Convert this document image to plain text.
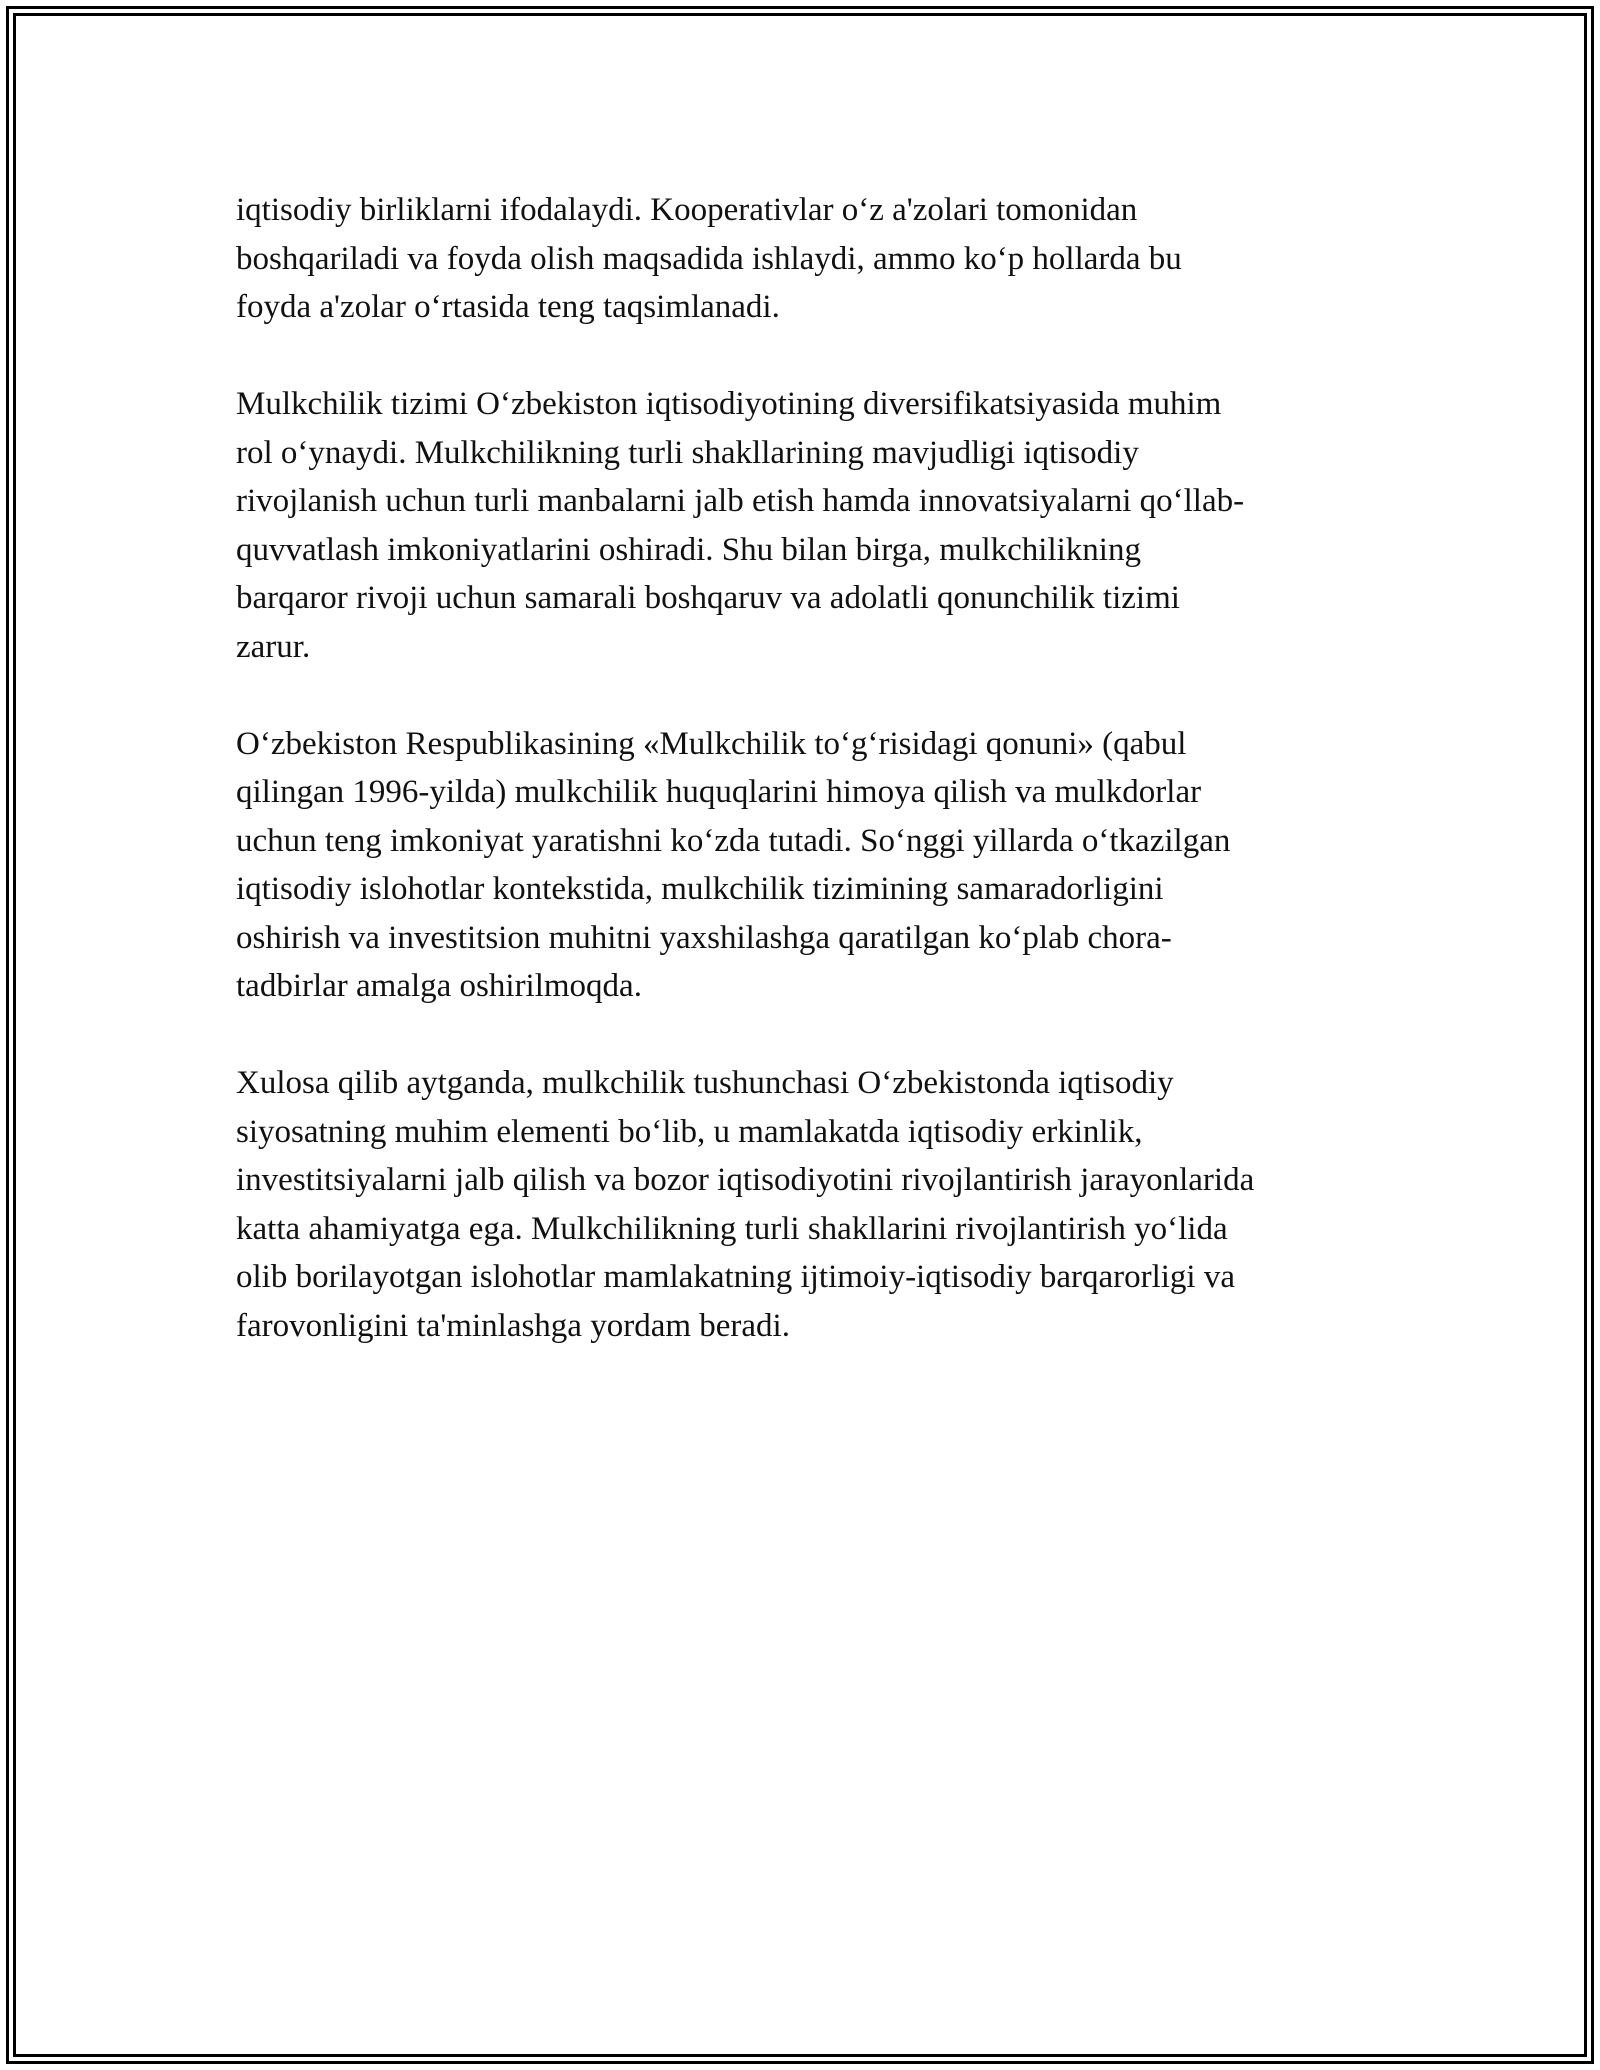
iqtisodiy birliklarni ifodalaydi. Kooperativlar o‘z a'zolari tomonidan
boshqariladi va foyda olish maqsadida ishlaydi, ammo ko‘p hollarda bu
foyda a'zolar o‘rtasida teng taqsimlanadi.

Mulkchilik tizimi O‘zbekiston iqtisodiyotining diversifikatsiyasida muhim
rol o‘ynaydi. Mulkchilikning turli shakllarining mavjudligi iqtisodiy
rivojlanish uchun turli manbalarni jalb etish hamda innovatsiyalarni qo‘llab-
quvvatlash imkoniyatlarini oshiradi. Shu bilan birga, mulkchilikning
barqaror rivoji uchun samarali boshqaruv va adolatli qonunchilik tizimi
zarur.

O‘zbekiston Respublikasining «Mulkchilik to‘g‘risidagi qonuni» (qabul
qilingan 1996-yilda) mulkchilik huquqlarini himoya qilish va mulkdorlar
uchun teng imkoniyat yaratishni ko‘zda tutadi. So‘nggi yillarda o‘tkazilgan
iqtisodiy islohotlar kontekstida, mulkchilik tizimining samaradorligini
oshirish va investitsion muhitni yaxshilashga qaratilgan ko‘plab chora-
tadbirlar amalga oshirilmoqda.

Xulosa qilib aytganda, mulkchilik tushunchasi O‘zbekistonda iqtisodiy
siyosatning muhim elementi bo‘lib, u mamlakatda iqtisodiy erkinlik,
investitsiyalarni jalb qilish va bozor iqtisodiyotini rivojlantirish jarayonlarida
katta ahamiyatga ega. Mulkchilikning turli shakllarini rivojlantirish yo‘lida
olib borilayotgan islohotlar mamlakatning ijtimoiy-iqtisodiy barqarorligi va
farovonligini ta'minlashga yordam beradi.
